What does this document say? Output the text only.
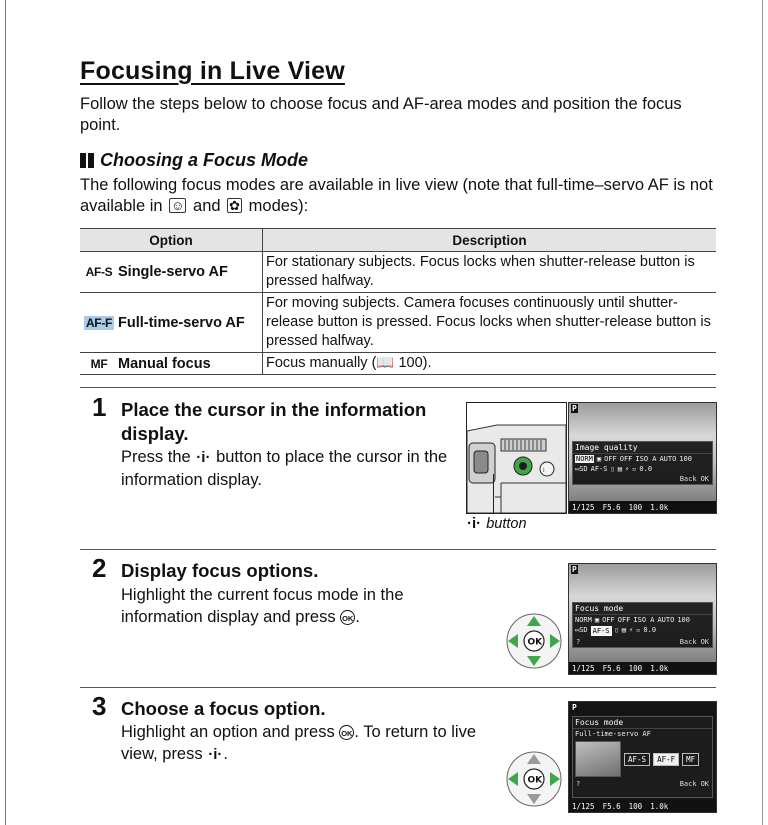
Focusing in Live View
Follow the steps below to choose focus and AF-area modes and position the focus point.
Choosing a Focus Mode
The following focus modes are available in live view (note that full-time–servo AF is not available in ☺ and ✿ modes):
Option	Description
AF-S Single-servo AF	For stationary subjects. Focus locks when shutter-release button is pressed halfway.
AF-F Full-time-servo AF	For moving subjects. Camera focuses continuously until shutter-release button is pressed. Focus locks when shutter-release button is pressed halfway.
MF Manual focus	Focus manually (📖 100).
1 Place the cursor in the information display.
Press the ·i· button to place the cursor in the information display.
i
·i· button
P
Image quality
NORM ▣ OFF OFF ISO A AUTO 100
▭SD AF-S ▯ ▤ ⚡ ▫ 0.0
Back OK
1/125 F5.6 100 1.0k
2 Display focus options.
Highlight the current focus mode in the information display and press OK .
OK
P
Focus mode
NORM ▣ OFF OFF ISO A AUTO 100
▭SD AF-S ▯ ▤ ⚡ ▫ 0.0
?	Back OK
1/125 F5.6 100 1.0k
3 Choose a focus option.
Highlight an option and press OK . To return to live view, press ·i·.
OK
P
Focus mode
Full-time-servo AF
AF-S	AF-F	MF
?	Back OK
1/125 F5.6 100 1.0k
